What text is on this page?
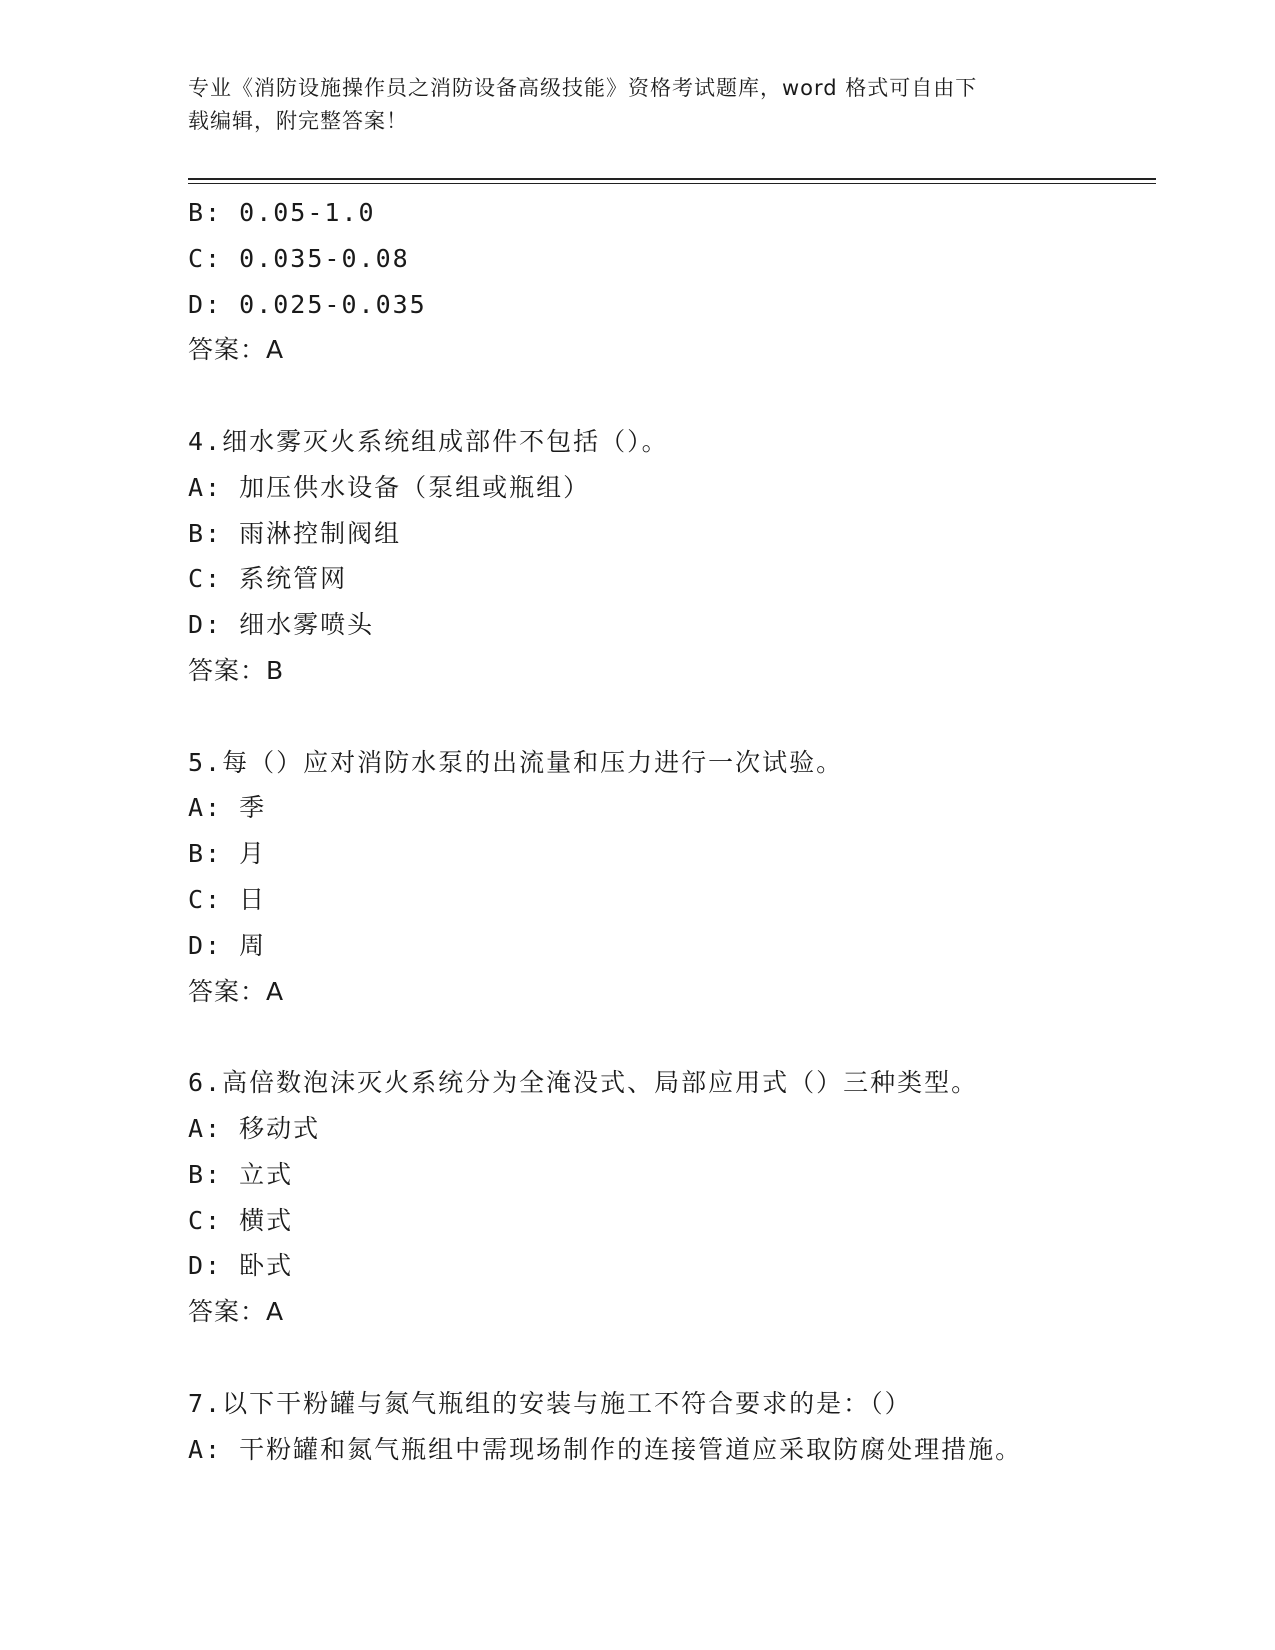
专业《消防设施操作员之消防设备高级技能》资格考试题库，word 格式可自由下
载编辑，附完整答案！
B: 0.05-1.0
C: 0.035-0.08
D: 0.025-0.035
答案：A
4.细水雾灭火系统组成部件不包括（）。
A: 加压供水设备（泵组或瓶组）
B: 雨淋控制阀组
C: 系统管网
D: 细水雾喷头
答案：B
5.每（）应对消防水泵的出流量和压力进行一次试验。
A: 季
B: 月
C: 日
D: 周
答案：A
6.高倍数泡沫灭火系统分为全淹没式、局部应用式（）三种类型。
A: 移动式
B: 立式
C: 横式
D: 卧式
答案：A
7.以下干粉罐与氮气瓶组的安装与施工不符合要求的是：（）
A: 干粉罐和氮气瓶组中需现场制作的连接管道应采取防腐处理措施。
